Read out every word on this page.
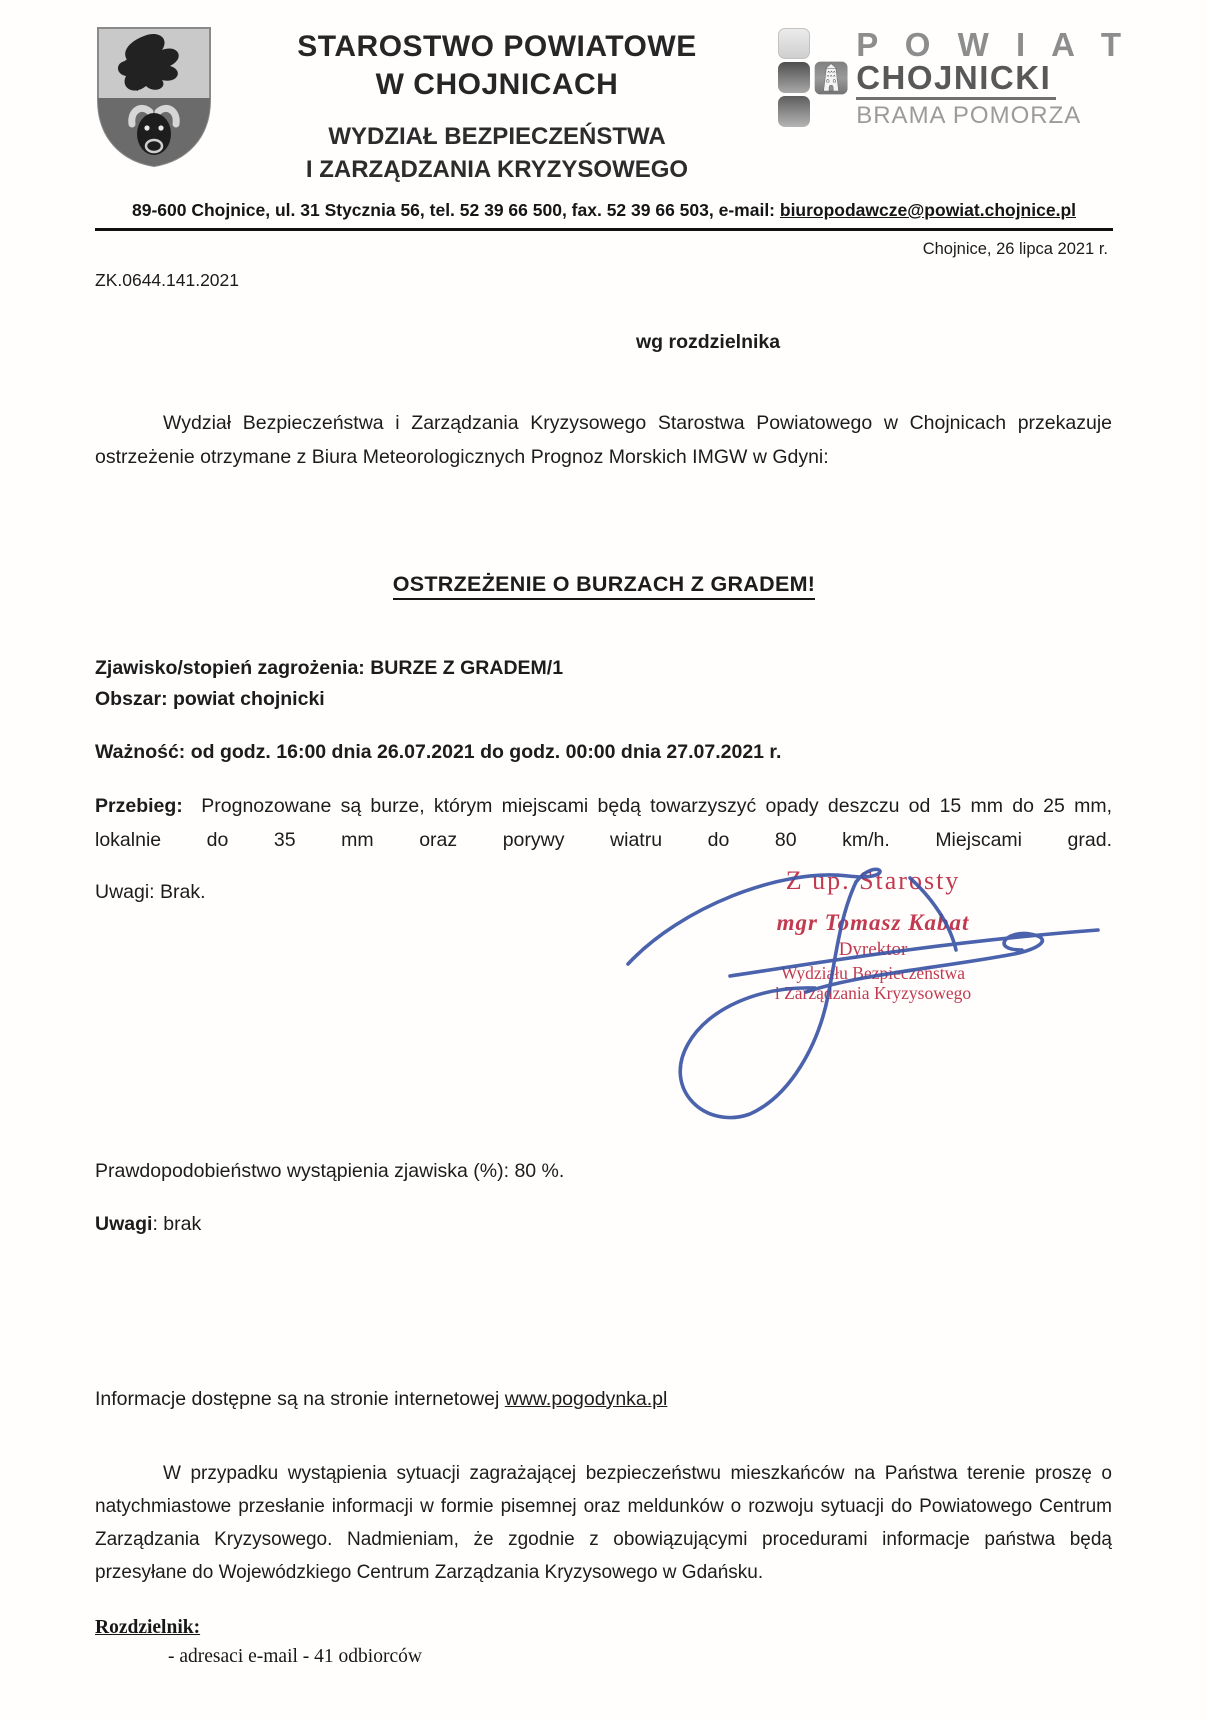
STAROSTWO POWIATOWE
W CHOJNICACH
WYDZIAŁ BEZPIECZEŃSTWA
I ZARZĄDZANIA KRYZYSOWEGO
P O W I A T
CHOJNICKI
BRAMA POMORZA
89-600 Chojnice, ul. 31 Stycznia 56, tel. 52 39 66 500, fax. 52 39 66 503, e-mail: biuropodawcze@powiat.chojnice.pl
Chojnice, 26 lipca 2021 r.
ZK.0644.141.2021
wg rozdzielnika

Wydział Bezpieczeństwa i Zarządzania Kryzysowego Starostwa Powiatowego w Chojnicach przekazuje ostrzeżenie otrzymane z Biura Meteorologicznych Prognoz Morskich IMGW w Gdyni:

OSTRZEŻENIE O BURZACH Z GRADEM!
Zjawisko/stopień zagrożenia: BURZE Z GRADEM/1
Obszar: powiat chojnicki
Ważność: od godz. 16:00 dnia 26.07.2021 do godz. 00:00 dnia 27.07.2021 r.

Przebieg: Prognozowane są burze, którym miejscami będą towarzyszyć opady deszczu od 15 mm do 25 mm, lokalnie do 35 mm oraz porywy wiatru do 80 km/h. Miejscami grad.

Uwagi: Brak.
Prawdopodobieństwo wystąpienia zjawiska (%): 80 %.
Uwagi: brak
Informacje dostępne są na stronie internetowej www.pogodynka.pl

W przypadku wystąpienia sytuacji zagrażającej bezpieczeństwu mieszkańców na Państwa terenie proszę o natychmiastowe przesłanie informacji w formie pisemnej oraz meldunków o rozwoju sytuacji do Powiatowego Centrum Zarządzania Kryzysowego. Nadmieniam, że zgodnie z obowiązującymi procedurami informacje państwa będą przesyłane do Wojewódzkiego Centrum Zarządzania Kryzysowego w Gdańsku.

Rozdzielnik:
- adresaci e-mail - 41 odbiorców
Z up. Starosty
mgr Tomasz Kabat
Dyrektor
Wydziału Bezpieczeństwa
i Zarządzania Kryzysowego
